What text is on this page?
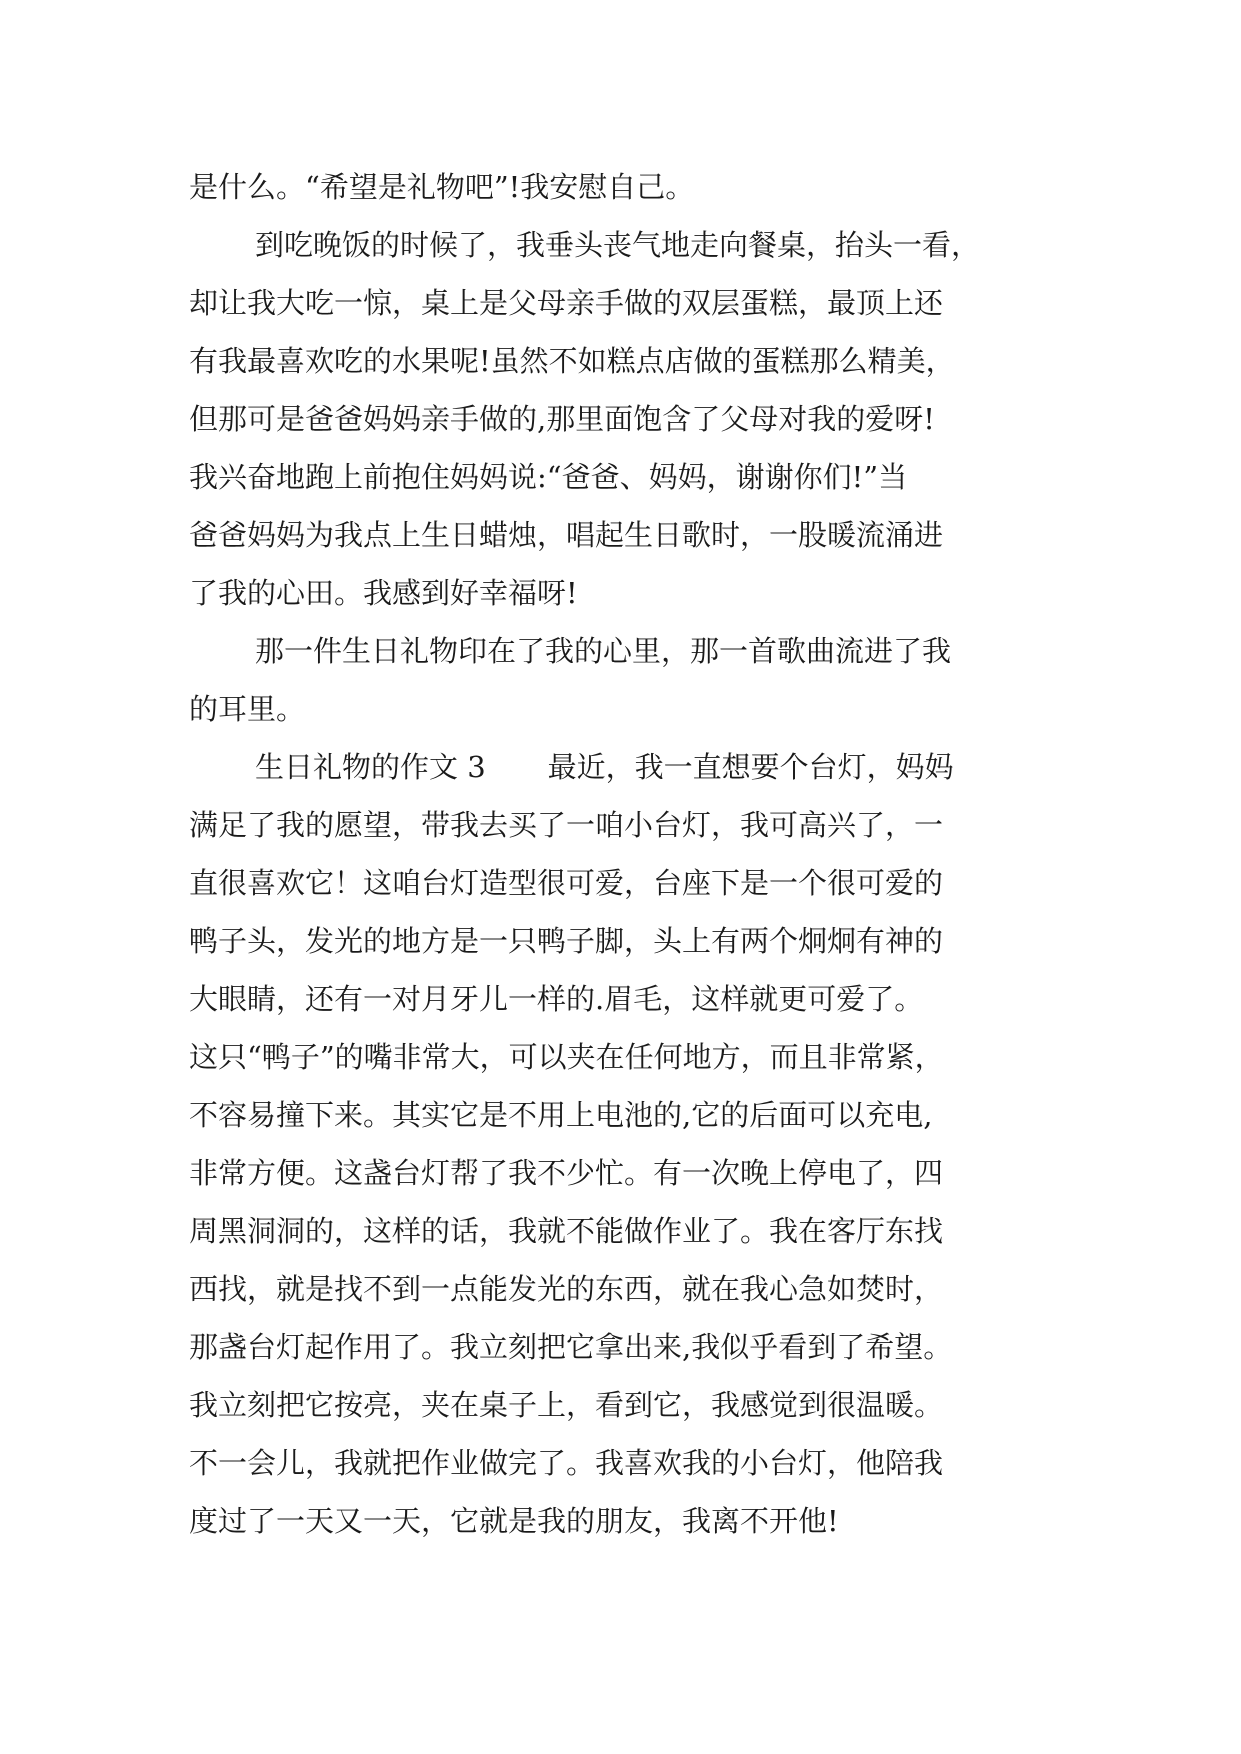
是什么。“希望是礼物吧”!我安慰自己。
到吃晚饭的时候了，我垂头丧气地走向餐桌，抬头一看，
却让我大吃一惊，桌上是父母亲手做的双层蛋糕，最顶上还
有我最喜欢吃的水果呢!虽然不如糕点店做的蛋糕那么精美，
但那可是爸爸妈妈亲手做的,那里面饱含了父母对我的爱呀!
我兴奋地跑上前抱住妈妈说:“爸爸、妈妈，谢谢你们!”当
爸爸妈妈为我点上生日蜡烛，唱起生日歌时，一股暖流涌进
了我的心田。我感到好幸福呀!
那一件生日礼物印在了我的心里，那一首歌曲流进了我
的耳里。
生日礼物的作文 3 最近，我一直想要个台灯，妈妈
满足了我的愿望，带我去买了一咱小台灯，我可高兴了，一
直很喜欢它！这咱台灯造型很可爱，台座下是一个很可爱的
鸭子头，发光的地方是一只鸭子脚，头上有两个炯炯有神的
大眼睛，还有一对月牙儿一样的.眉毛，这样就更可爱了。
这只“鸭子”的嘴非常大，可以夹在任何地方，而且非常紧，
不容易撞下来。其实它是不用上电池的,它的后面可以充电,
非常方便。这盏台灯帮了我不少忙。有一次晚上停电了，四
周黑洞洞的，这样的话，我就不能做作业了。我在客厅东找
西找，就是找不到一点能发光的东西，就在我心急如焚时，
那盏台灯起作用了。我立刻把它拿出来,我似乎看到了希望。
我立刻把它按亮，夹在桌子上，看到它，我感觉到很温暖。
不一会儿，我就把作业做完了。我喜欢我的小台灯，他陪我
度过了一天又一天，它就是我的朋友，我离不开他!
